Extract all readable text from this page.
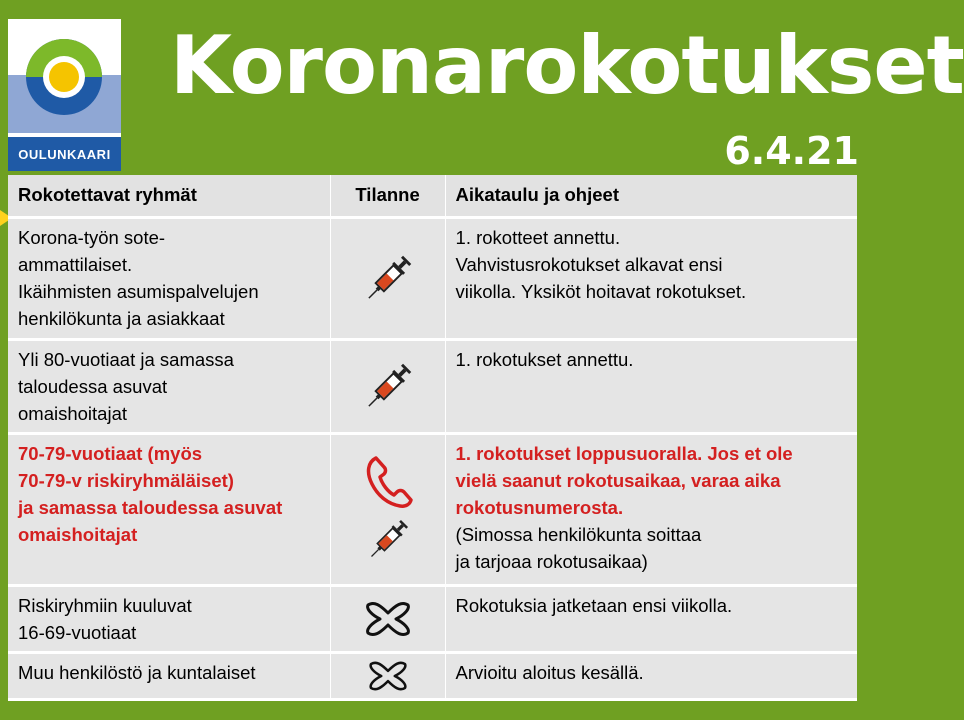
OULUNKAARI
Koronarokotukset
6.4.21
Rokotettavat ryhmät	Tilanne	Aikataulu ja ohjeet

Korona-työn sote-
ammattilaiset.
Ikäihmisten asumispalvelujen
henkilökunta ja asiakkaat		1. rokotteet annettu.
Vahvistusrokotukset alkavat ensi
viikolla. Yksiköt hoitavat rokotukset.

Yli 80-vuotiaat ja samassa
taloudessa asuvat
omaishoitajat		1. rokotukset annettu.

70-79-vuotiaat (myös
70-79-v riskiryhmäläiset)
ja samassa taloudessa asuvat
omaishoitajat		1. rokotukset loppusuoralla. Jos et ole
vielä saanut rokotusaikaa, varaa aika
rokotusnumerosta.
(Simossa henkilökunta soittaa
ja tarjoaa rokotusaikaa)

Riskiryhmiin kuuluvat
16-69-vuotiaat		Rokotuksia jatketaan ensi viikolla.

Muu henkilöstö ja kuntalaiset		Arvioitu aloitus kesällä.
